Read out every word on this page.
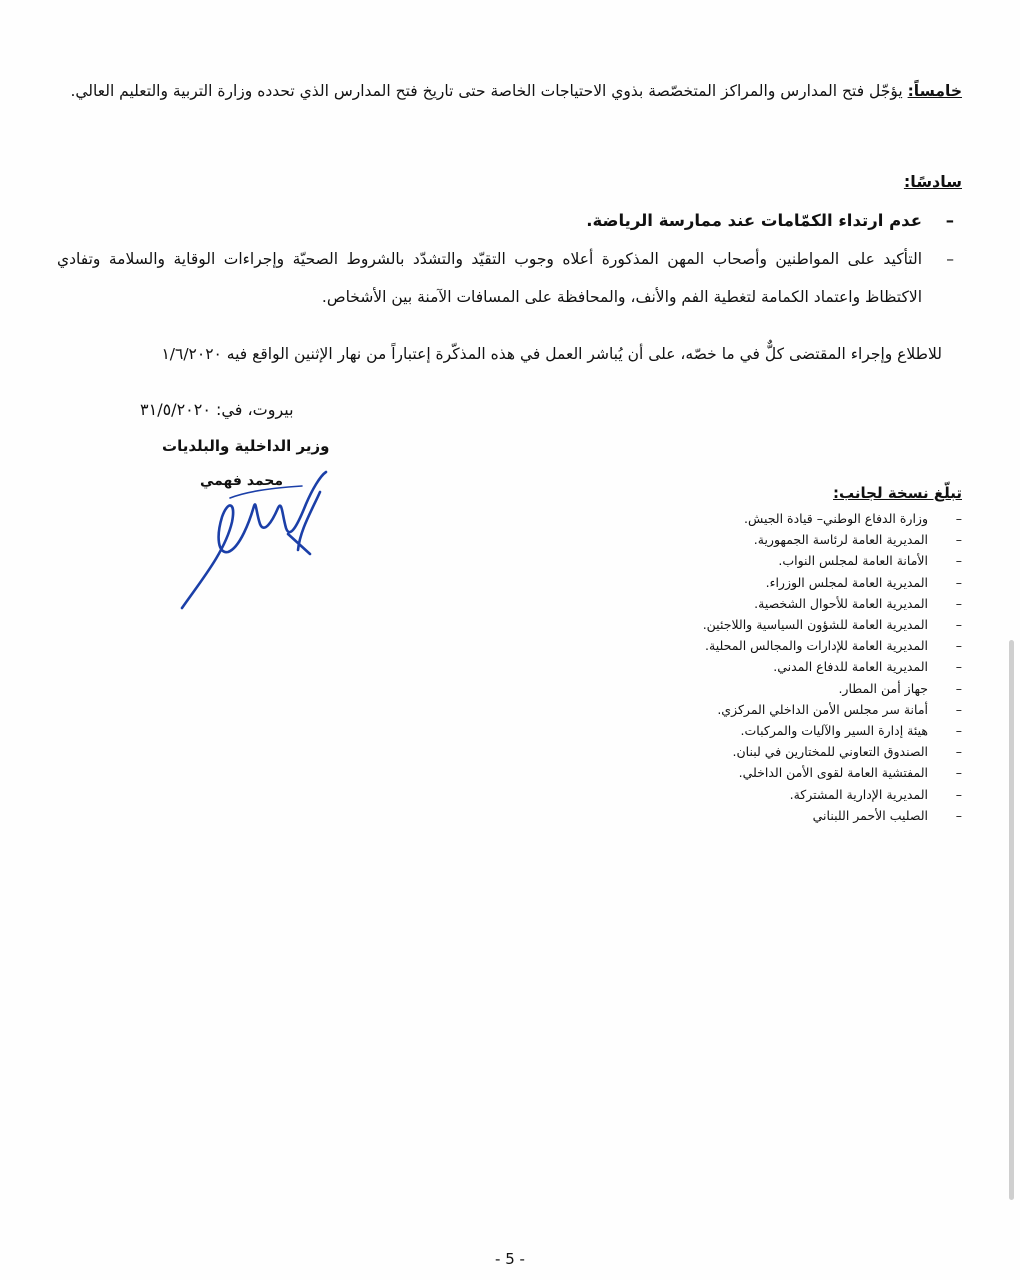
خامساً: يؤجّل فتح المدارس والمراكز المتخصّصة بذوي الاحتياجات الخاصة حتى تاريخ فتح المدارس الذي تحدده وزارة التربية والتعليم العالي.
سادسًا:
–
عدم ارتداء الكمّامات عند ممارسة الرياضة.
–
التأكيد على المواطنين وأصحاب المهن المذكورة أعلاه وجوب التقيّد والتشدّد بالشروط الصحيّة وإجراءات الوقاية والسلامة وتفادي الاكتظاظ واعتماد الكمامة لتغطية الفم والأنف، والمحافظة على المسافات الآمنة بين الأشخاص.
للاطلاع وإجراء المقتضى كلٌّ في ما خصّه، على أن يُباشر العمل في هذه المذكّرة إعتباراً من نهار الإثنين الواقع فيه ١/٦/٢٠٢٠
بيروت، في: ٣١/٥/٢٠٢٠
وزير الداخلية والبلديات
محمد فهمي
تبلّغ نسخة لجانب:
–
وزارة الدفاع الوطني– قيادة الجيش.
–
المديرية العامة لرئاسة الجمهورية.
–
الأمانة العامة لمجلس النواب.
–
المديرية العامة لمجلس الوزراء.
–
المديرية العامة للأحوال الشخصية.
–
المديرية العامة للشؤون السياسية واللاجئين.
–
المديرية العامة للإدارات والمجالس المحلية.
–
المديرية العامة للدفاع المدني.
–
جهاز أمن المطار.
–
أمانة سر مجلس الأمن الداخلي المركزي.
–
هيئة إدارة السير والآليات والمركبات.
–
الصندوق التعاوني للمختارين في لبنان.
–
المفتشية العامة لقوى الأمن الداخلي.
–
المديرية الإدارية المشتركة.
–
الصليب الأحمر اللبناني
- 5 -
